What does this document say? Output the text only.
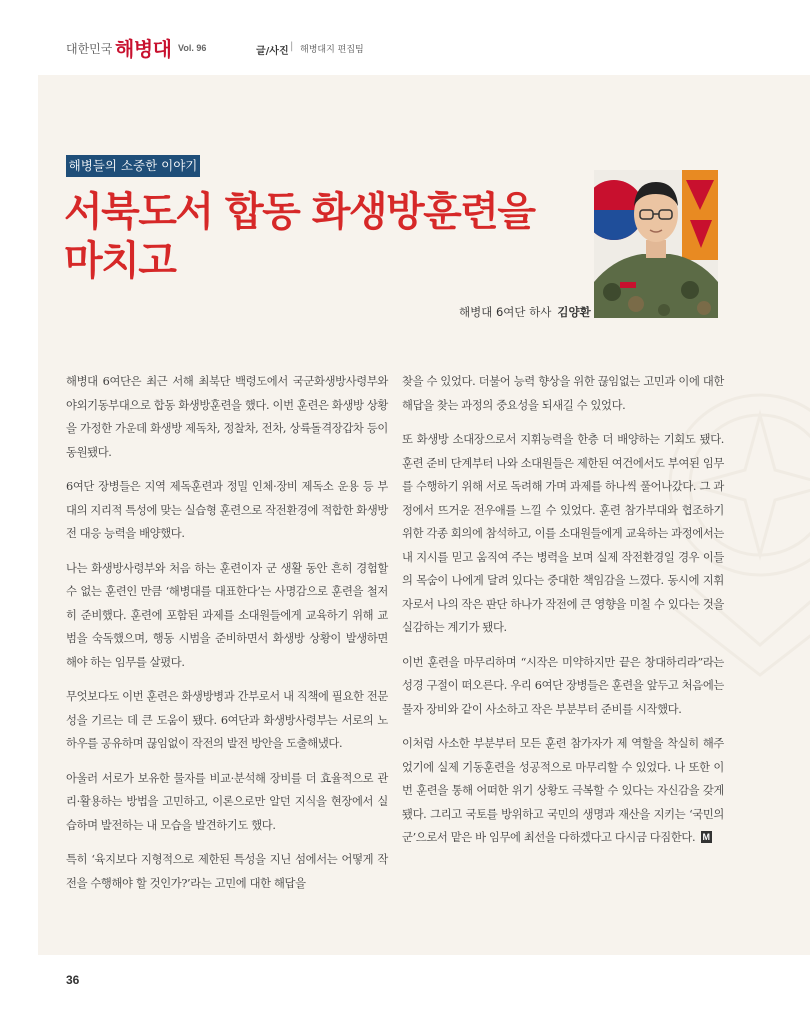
대한민국 해병대 Vol. 96	글/사진 | 해병대지 편집팀
해병들의 소중한 이야기
서북도서 합동 화생방훈련을
마치고
해병대 6여단 하사 김양환

해병대 6여단은 최근 서해 최북단 백령도에서 국군화생방사령부와 야외기동부대으로 합동 화생방훈련을 했다. 이번 훈련은 화생방 상황을 가정한 가운데 화생방 제독차, 정찰차, 전차, 상륙돌격장갑차 등이 동원됐다.

6여단 장병들은 지역 제독훈련과 정밀 인체·장비 제독소 운용 등 부대의 지리적 특성에 맞는 실습형 훈련으로 작전환경에 적합한 화생방전 대응 능력을 배양했다.

나는 화생방사령부와 처음 하는 훈련이자 군 생활 동안 흔히 경험할 수 없는 훈련인 만큼 ‘해병대를 대표한다’는 사명감으로 훈련을 철저히 준비했다. 훈련에 포함된 과제를 소대원들에게 교육하기 위해 교범을 숙독했으며, 행동 시범을 준비하면서 화생방 상황이 발생하면 해야 하는 임무를 살폈다.

무엇보다도 이번 훈련은 화생방병과 간부로서 내 직책에 필요한 전문성을 기르는 데 큰 도움이 됐다. 6여단과 화생방사령부는 서로의 노하우를 공유하며 끊임없이 작전의 발전 방안을 도출해냈다.

아울러 서로가 보유한 물자를 비교·분석해 장비를 더 효율적으로 관리·활용하는 방법을 고민하고, 이론으로만 알던 지식을 현장에서 실습하며 발전하는 내 모습을 발견하기도 했다.

특히 ‘육지보다 지형적으로 제한된 특성을 지닌 섬에서는 어떻게 작전을 수행해야 할 것인가?’라는 고민에 대한 해답을

찾을 수 있었다. 더불어 능력 향상을 위한 끊임없는 고민과 이에 대한 해답을 찾는 과정의 중요성을 되새길 수 있었다.

또 화생방 소대장으로서 지휘능력을 한층 더 배양하는 기회도 됐다. 훈련 준비 단계부터 나와 소대원들은 제한된 여건에서도 부여된 임무를 수행하기 위해 서로 독려해 가며 과제를 하나씩 풀어나갔다. 그 과정에서 뜨거운 전우애를 느낄 수 있었다. 훈련 참가부대와 협조하기 위한 각종 회의에 참석하고, 이를 소대원들에게 교육하는 과정에서는 내 지시를 믿고 움직여 주는 병력을 보며 실제 작전환경일 경우 이들의 목숨이 나에게 달려 있다는 중대한 책임감을 느꼈다. 동시에 지휘자로서 나의 작은 판단 하나가 작전에 큰 영향을 미칠 수 있다는 것을 실감하는 계기가 됐다.

이번 훈련을 마무리하며 “시작은 미약하지만 끝은 창대하리라”라는 성경 구절이 떠오른다. 우리 6여단 장병들은 훈련을 앞두고 처음에는 물자 장비와 같이 사소하고 작은 부분부터 준비를 시작했다.

이처럼 사소한 부분부터 모든 훈련 참가자가 제 역할을 착실히 해주었기에 실제 기동훈련을 성공적으로 마무리할 수 있었다. 나 또한 이번 훈련을 통해 어떠한 위기 상황도 극복할 수 있다는 자신감을 갖게 됐다. 그리고 국토를 방위하고 국민의 생명과 재산을 지키는 ‘국민의 군’으로서 맡은 바 임무에 최선을 다하겠다고 다시금 다짐한다. M

36
